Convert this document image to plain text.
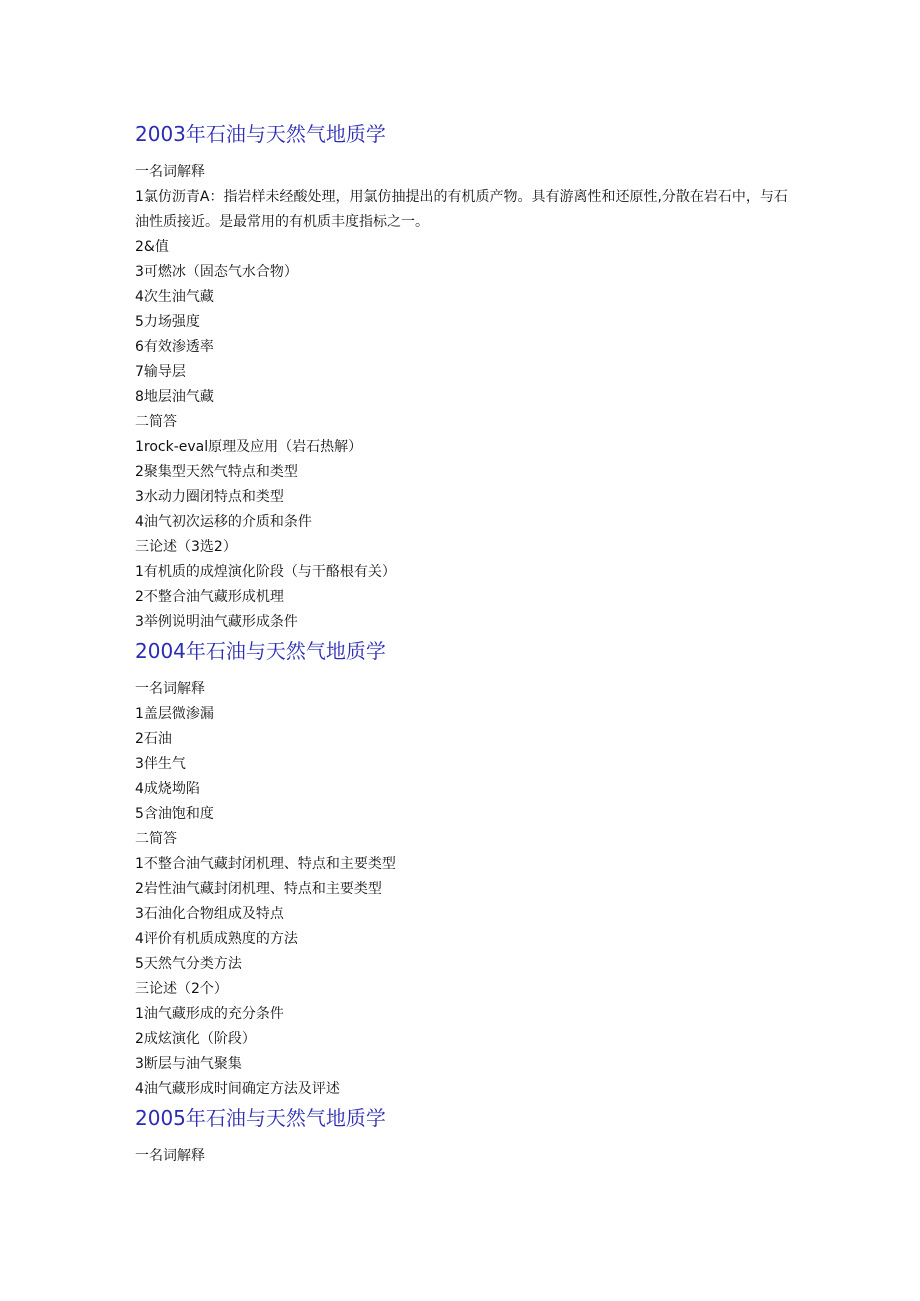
2003年石油与天然气地质学

一名词解释

1氯仿沥青A：指岩样未经酸处理，用氯仿抽提出的有机质产物。具有游离性和还原性,分散在岩石中，与石油性质接近。是最常用的有机质丰度指标之一。

2&值

3可燃冰（固态气水合物）

4次生油气藏

5力场强度

6有效渗透率

7输导层

8地层油气藏

二简答

1rock-eval原理及应用（岩石热解）

2聚集型天然气特点和类型

3水动力圈闭特点和类型

4油气初次运移的介质和条件

三论述（3选2）

1有机质的成煌演化阶段（与干酪根有关）

2不整合油气藏形成机理

3举例说明油气藏形成条件

2004年石油与天然气地质学

一名词解释

1盖层微渗漏

2石油

3伴生气

4成烧坳陷

5含油饱和度

二简答

1不整合油气藏封闭机理、特点和主要类型

2岩性油气藏封闭机理、特点和主要类型

3石油化合物组成及特点

4评价有机质成熟度的方法

5天然气分类方法

三论述（2个）

1油气藏形成的充分条件

2成炫演化（阶段）

3断层与油气聚集

4油气藏形成时间确定方法及评述

2005年石油与天然气地质学

一名词解释
